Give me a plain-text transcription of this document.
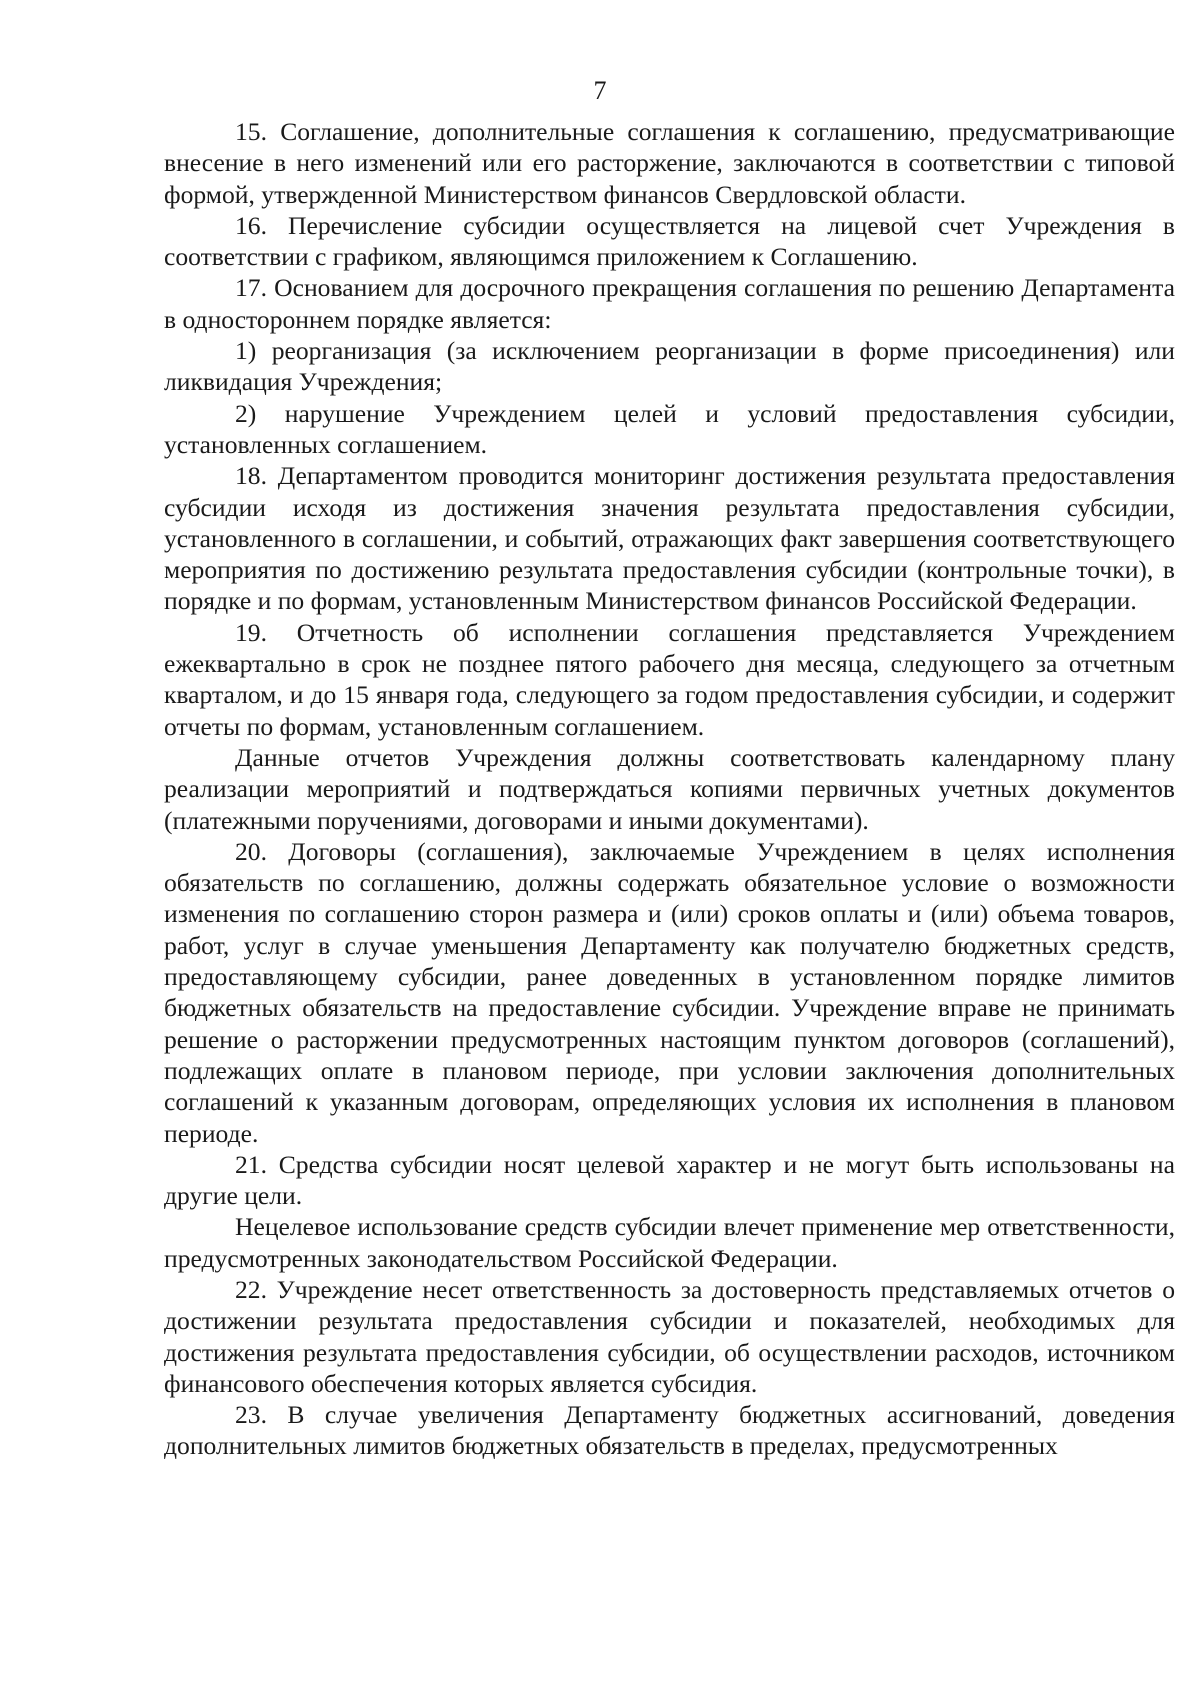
7

15. Соглашение, дополнительные соглашения к соглашению, предусматривающие внесение в него изменений или его расторжение, заключаются в соответствии с типовой формой, утвержденной Министерством финансов Свердловской области.

16. Перечисление субсидии осуществляется на лицевой счет Учреждения в соответствии с графиком, являющимся приложением к Соглашению.

17. Основанием для досрочного прекращения соглашения по решению Департамента в одностороннем порядке является:

1) реорганизация (за исключением реорганизации в форме присоединения) или ликвидация Учреждения;

2) нарушение Учреждением целей и условий предоставления субсидии, установленных соглашением.

18. Департаментом проводится мониторинг достижения результата предоставления субсидии исходя из достижения значения результата предоставления субсидии, установленного в соглашении, и событий, отражающих факт завершения соответствующего мероприятия по достижению результата предоставления субсидии (контрольные точки), в порядке и по формам, установленным Министерством финансов Российской Федерации.

19. Отчетность об исполнении соглашения представляется Учреждением ежеквартально в срок не позднее пятого рабочего дня месяца, следующего за отчетным кварталом, и до 15 января года, следующего за годом предоставления субсидии, и содержит отчеты по формам, установленным соглашением.

Данные отчетов Учреждения должны соответствовать календарному плану реализации мероприятий и подтверждаться копиями первичных учетных документов (платежными поручениями, договорами и иными документами).

20. Договоры (соглашения), заключаемые Учреждением в целях исполнения обязательств по соглашению, должны содержать обязательное условие о возможности изменения по соглашению сторон размера и (или) сроков оплаты и (или) объема товаров, работ, услуг в случае уменьшения Департаменту как получателю бюджетных средств, предоставляющему субсидии, ранее доведенных в установленном порядке лимитов бюджетных обязательств на предоставление субсидии. Учреждение вправе не принимать решение о расторжении предусмотренных настоящим пунктом договоров (соглашений), подлежащих оплате в плановом периоде, при условии заключения дополнительных соглашений к указанным договорам, определяющих условия их исполнения в плановом периоде.

21. Средства субсидии носят целевой характер и не могут быть использованы на другие цели.

Нецелевое использование средств субсидии влечет применение мер ответственности, предусмотренных законодательством Российской Федерации.

22. Учреждение несет ответственность за достоверность представляемых отчетов о достижении результата предоставления субсидии и показателей, необходимых для достижения результата предоставления субсидии, об осуществлении расходов, источником финансового обеспечения которых является субсидия.

23. В случае увеличения Департаменту бюджетных ассигнований, доведения дополнительных лимитов бюджетных обязательств в пределах, предусмотренных
